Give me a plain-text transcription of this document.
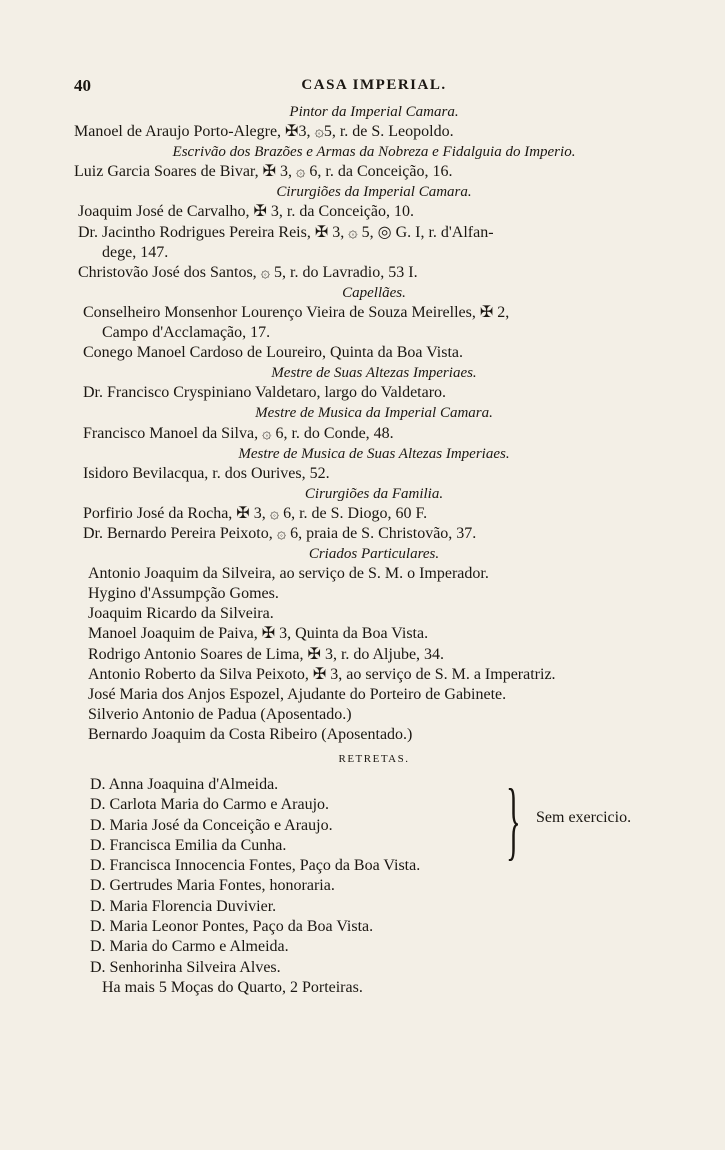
40	CASA IMPERIAL.
Pintor da Imperial Camara.
Manoel de Araujo Porto-Alegre, ✠3, ۞5, r. de S. Leopoldo.
Escrivão dos Brazões e Armas da Nobreza e Fidalguia do Imperio.
Luiz Garcia Soares de Bivar, ✠ 3, ۞ 6, r. da Conceição, 16.
Cirurgiões da Imperial Camara.
Joaquim José de Carvalho, ✠ 3, r. da Conceição, 10.
Dr. Jacintho Rodrigues Pereira Reis, ✠ 3, ۞ 5, ◎ G. I, r. d'Alfan-
dege, 147.
Christovão José dos Santos, ۞ 5, r. do Lavradio, 53 I.
Capellães.
Conselheiro Monsenhor Lourenço Vieira de Souza Meirelles, ✠ 2,
Campo d'Acclamação, 17.
Conego Manoel Cardoso de Loureiro, Quinta da Boa Vista.
Mestre de Suas Altezas Imperiaes.
Dr. Francisco Cryspiniano Valdetaro, largo do Valdetaro.
Mestre de Musica da Imperial Camara.
Francisco Manoel da Silva, ۞ 6, r. do Conde, 48.
Mestre de Musica de Suas Altezas Imperiaes.
Isidoro Bevilacqua, r. dos Ourives, 52.
Cirurgiões da Familia.
Porfirio José da Rocha, ✠ 3, ۞ 6, r. de S. Diogo, 60 F.
Dr. Bernardo Pereira Peixoto, ۞ 6, praia de S. Christovão, 37.
Criados Particulares.
Antonio Joaquim da Silveira, ao serviço de S. M. o Imperador.
Hygino d'Assumpção Gomes.
Joaquim Ricardo da Silveira.
Manoel Joaquim de Paiva, ✠ 3, Quinta da Boa Vista.
Rodrigo Antonio Soares de Lima, ✠ 3, r. do Aljube, 34.
Antonio Roberto da Silva Peixoto, ✠ 3, ao serviço de S. M. a Imperatriz.
José Maria dos Anjos Espozel, Ajudante do Porteiro de Gabinete.
Silverio Antonio de Padua (Aposentado.)
Bernardo Joaquim da Costa Ribeiro (Aposentado.)
RETRETAS.
D. Anna Joaquina d'Almeida.
D. Carlota Maria do Carmo e Araujo.
D. Maria José da Conceição e Araujo.
D. Francisca Emilia da Cunha.
D. Francisca Innocencia Fontes, Paço da Boa Vista.
D. Gertrudes Maria Fontes, honoraria.
D. Maria Florencia Duvivier.
D. Maria Leonor Pontes, Paço da Boa Vista.
D. Maria do Carmo e Almeida.
D. Senhorinha Silveira Alves.
} Sem exercicio.
Ha mais 5 Moças do Quarto, 2 Porteiras.
